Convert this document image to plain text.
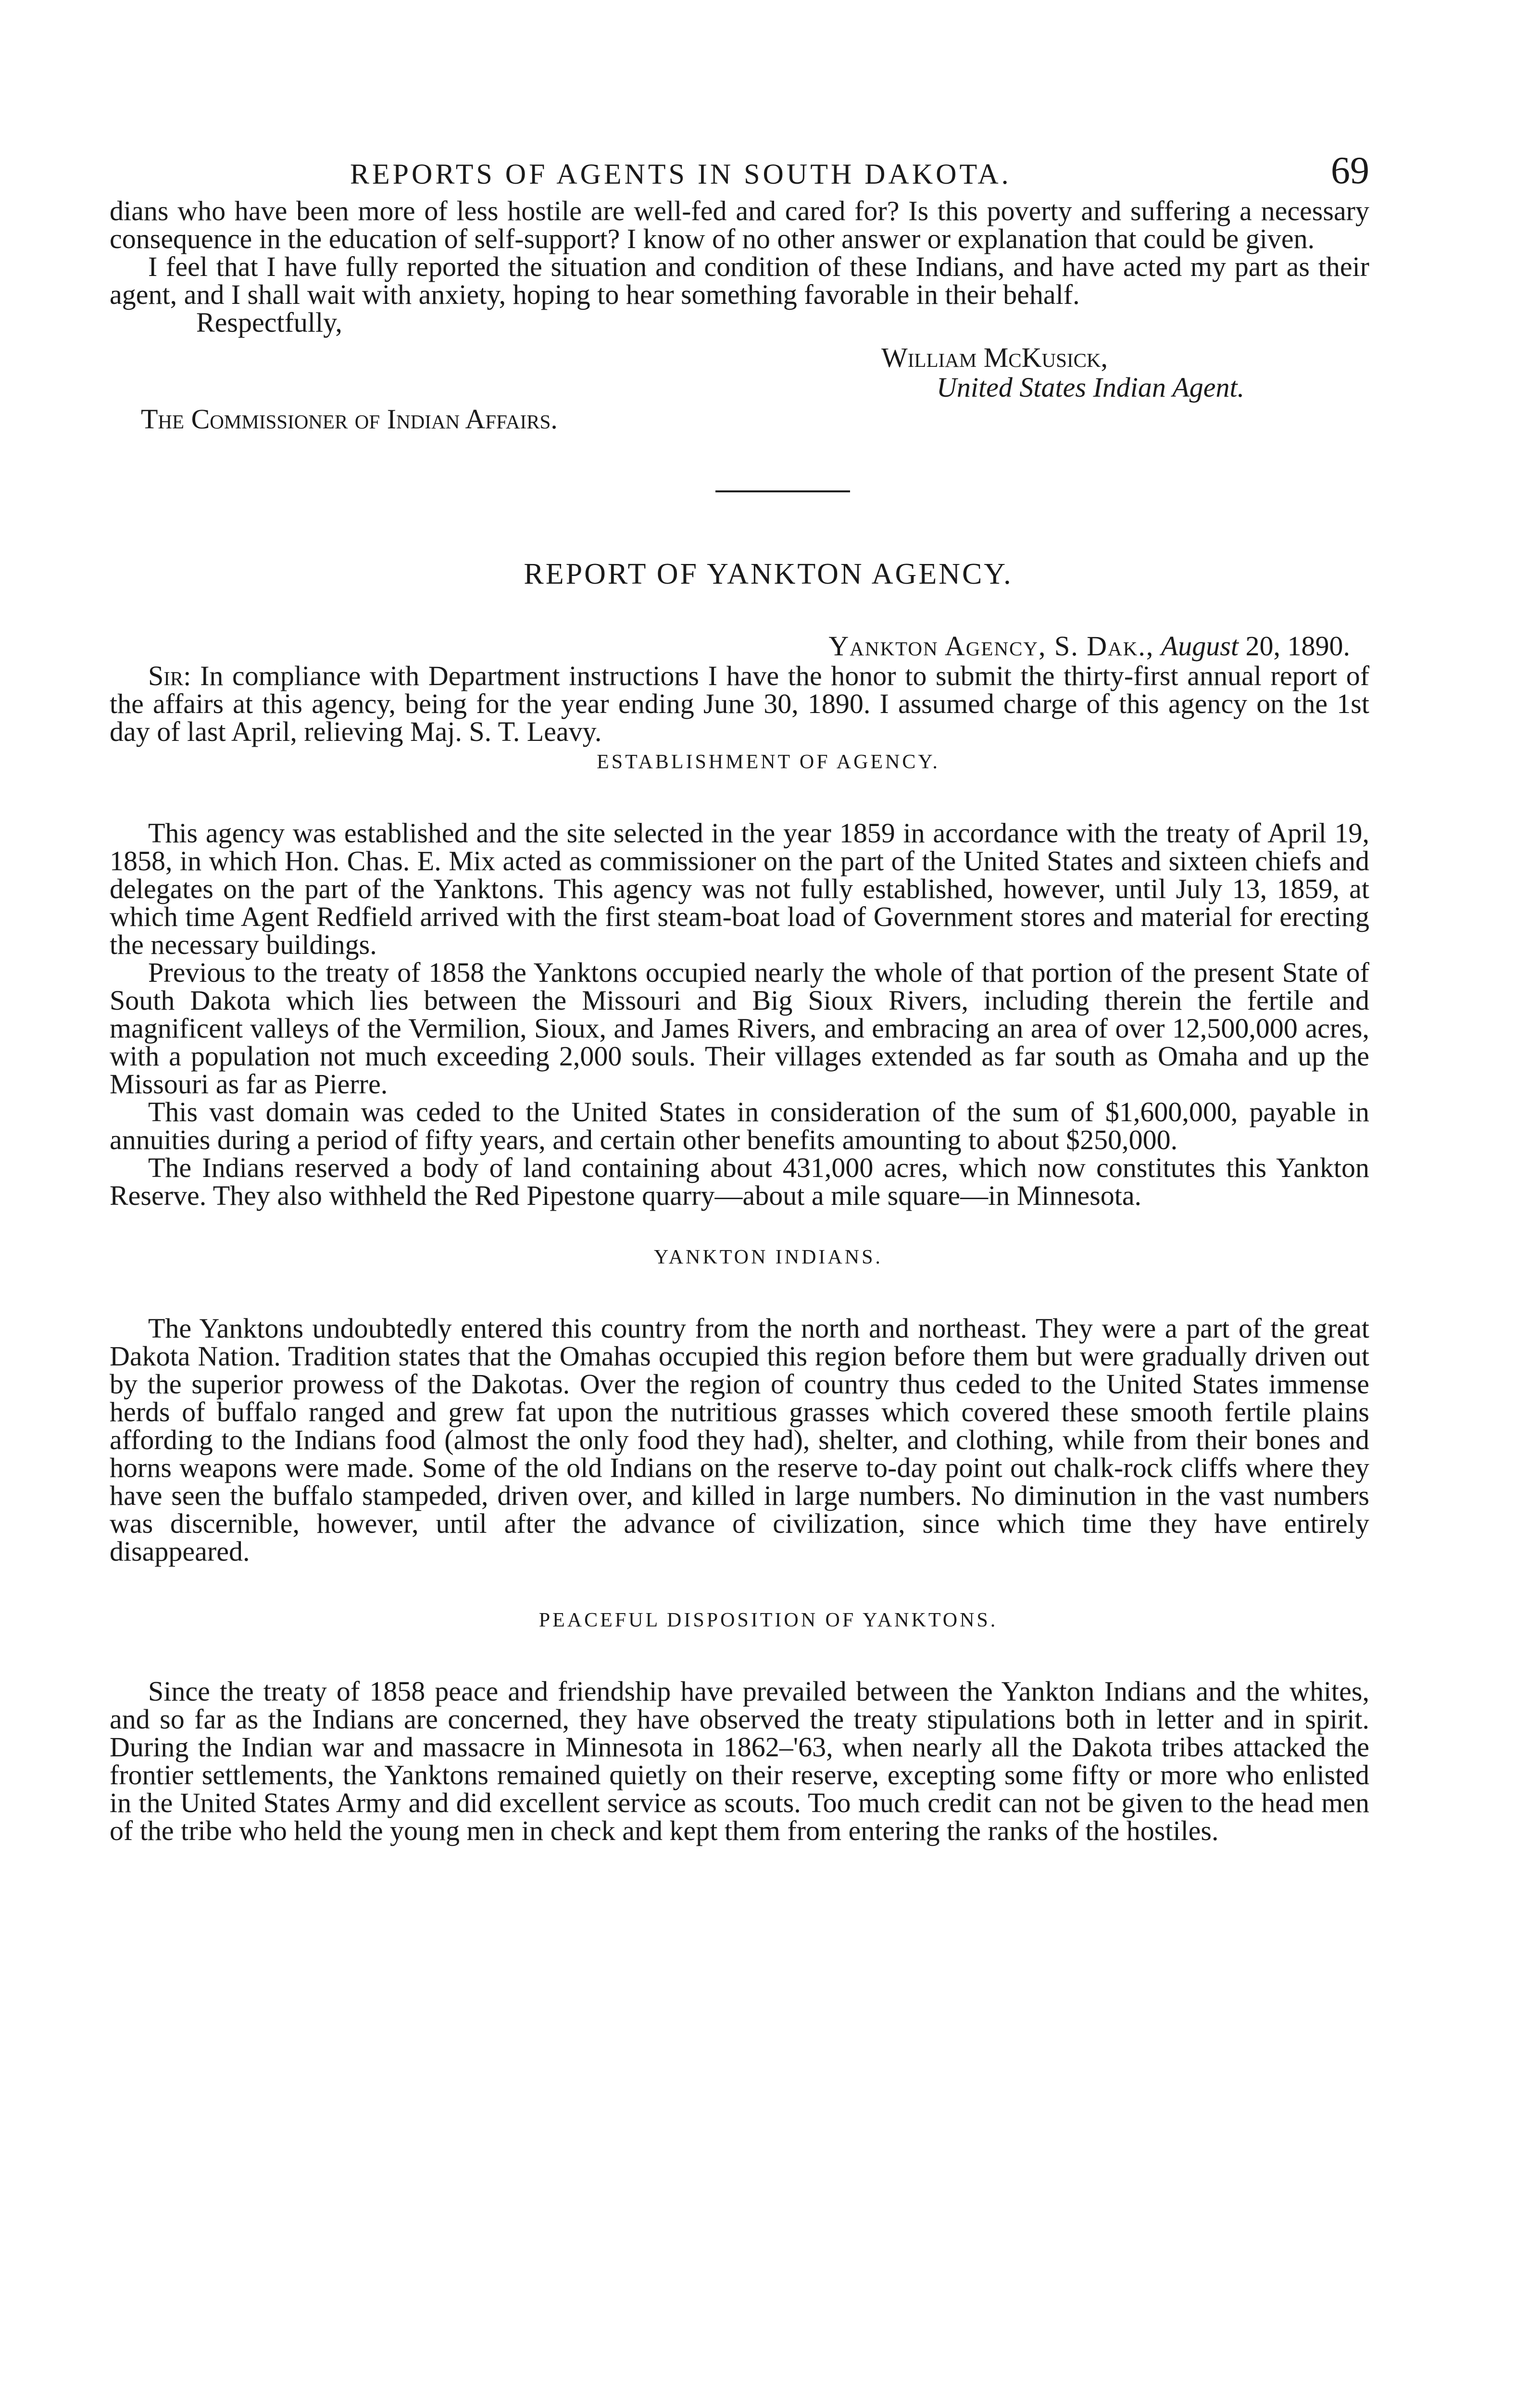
REPORTS OF AGENTS IN SOUTH DAKOTA.	69

dians who have been more of less hostile are well-fed and cared for? Is this poverty and suffering a necessary consequence in the education of self-support? I know of no other answer or explanation that could be given.

I feel that I have fully reported the situation and condition of these Indians, and have acted my part as their agent, and I shall wait with anxiety, hoping to hear something favorable in their behalf.

Respectfully,

William McKusick,
United States Indian Agent.
The Commissioner of Indian Affairs.
REPORT OF YANKTON AGENCY.
Yankton Agency, S. Dak., August 20, 1890.

Sir: In compliance with Department instructions I have the honor to submit the thirty-first annual report of the affairs at this agency, being for the year ending June 30, 1890. I assumed charge of this agency on the 1st day of last April, relieving Maj. S. T. Leavy.

ESTABLISHMENT OF AGENCY.

This agency was established and the site selected in the year 1859 in accordance with the treaty of April 19, 1858, in which Hon. Chas. E. Mix acted as commissioner on the part of the United States and sixteen chiefs and delegates on the part of the Yanktons. This agency was not fully established, however, until July 13, 1859, at which time Agent Redfield arrived with the first steam-boat load of Government stores and material for erecting the necessary buildings.

Previous to the treaty of 1858 the Yanktons occupied nearly the whole of that portion of the present State of South Dakota which lies between the Missouri and Big Sioux Rivers, including therein the fertile and magnificent valleys of the Vermilion, Sioux, and James Rivers, and embracing an area of over 12,500,000 acres, with a population not much exceeding 2,000 souls. Their villages extended as far south as Omaha and up the Missouri as far as Pierre.

This vast domain was ceded to the United States in consideration of the sum of $1,600,000, payable in annuities during a period of fifty years, and certain other benefits amounting to about $250,000.

The Indians reserved a body of land containing about 431,000 acres, which now constitutes this Yankton Reserve. They also withheld the Red Pipestone quarry—about a mile square—in Minnesota.

YANKTON INDIANS.

The Yanktons undoubtedly entered this country from the north and northeast. They were a part of the great Dakota Nation. Tradition states that the Omahas occupied this region before them but were gradually driven out by the superior prowess of the Dakotas. Over the region of country thus ceded to the United States immense herds of buffalo ranged and grew fat upon the nutritious grasses which covered these smooth fertile plains affording to the Indians food (almost the only food they had), shelter, and clothing, while from their bones and horns weapons were made. Some of the old Indians on the reserve to-day point out chalk-rock cliffs where they have seen the buffalo stampeded, driven over, and killed in large numbers. No diminution in the vast numbers was discernible, however, until after the advance of civilization, since which time they have entirely disappeared.

PEACEFUL DISPOSITION OF YANKTONS.

Since the treaty of 1858 peace and friendship have prevailed between the Yankton Indians and the whites, and so far as the Indians are concerned, they have observed the treaty stipulations both in letter and in spirit. During the Indian war and massacre in Minnesota in 1862–'63, when nearly all the Dakota tribes attacked the frontier settlements, the Yanktons remained quietly on their reserve, excepting some fifty or more who enlisted in the United States Army and did excellent service as scouts. Too much credit can not be given to the head men of the tribe who held the young men in check and kept them from entering the ranks of the hostiles.
